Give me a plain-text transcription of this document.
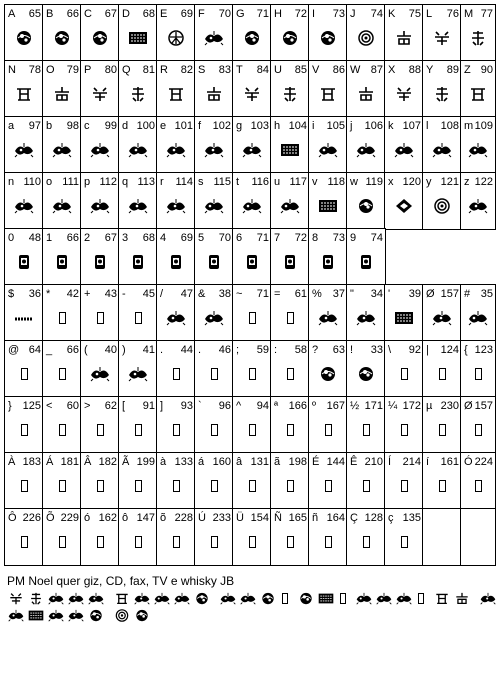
A 65 B 66 C 67 D 68 E 69 F 70 G 71 H 72 I 73 J 74 K 75 L 76 M 77
N 78 O 79 P 80 Q 81 R 82 S 83 T 84 U 85 V 86 W 87 X 88 Y 89 Z 90
a 97 b 98 c 99 d 100 e 101 f 102 g 103 h 104 i 105 j 106 k 107 l 108 m 109
n 110 o 111 p 112 q 113 r 114 s 115 t 116 u 117 v 118 w 119 x 120 y 121 z 122
0 48 1 66 2 67 3 68 4 69 5 70 6 71 7 72 8 73 9 74
$ 36 * 42 + 43 - 45 / 47 & 38 ~ 71 = 61 % 37 " 34 ' 39 Ø 157 # 35
@ 64 _ 66 ( 40 ) 41 . 44 . 46 ; 59 : 58 ? 63 ! 33 \ 92 | 124 { 123
} 125 < 60 > 62 [ 91 ] 93 ` 96 ^ 94 ª 166 º 167 ½ 171 ¼ 172 µ 230 Ø 157
À 183 Á 181 Â 182 Ã 199 à 133 á 160 â 131 ã 198 É 144 Ê 210 Í 214 í 161 Ó 224
Ô 226 Õ 229 ó 162 ô 147 õ 228 Ú 233 Ü 154 Ñ 165 ñ 164 Ç 128 ç 135
PM Noel quer giz, CD, fax, TV e whisky JB
